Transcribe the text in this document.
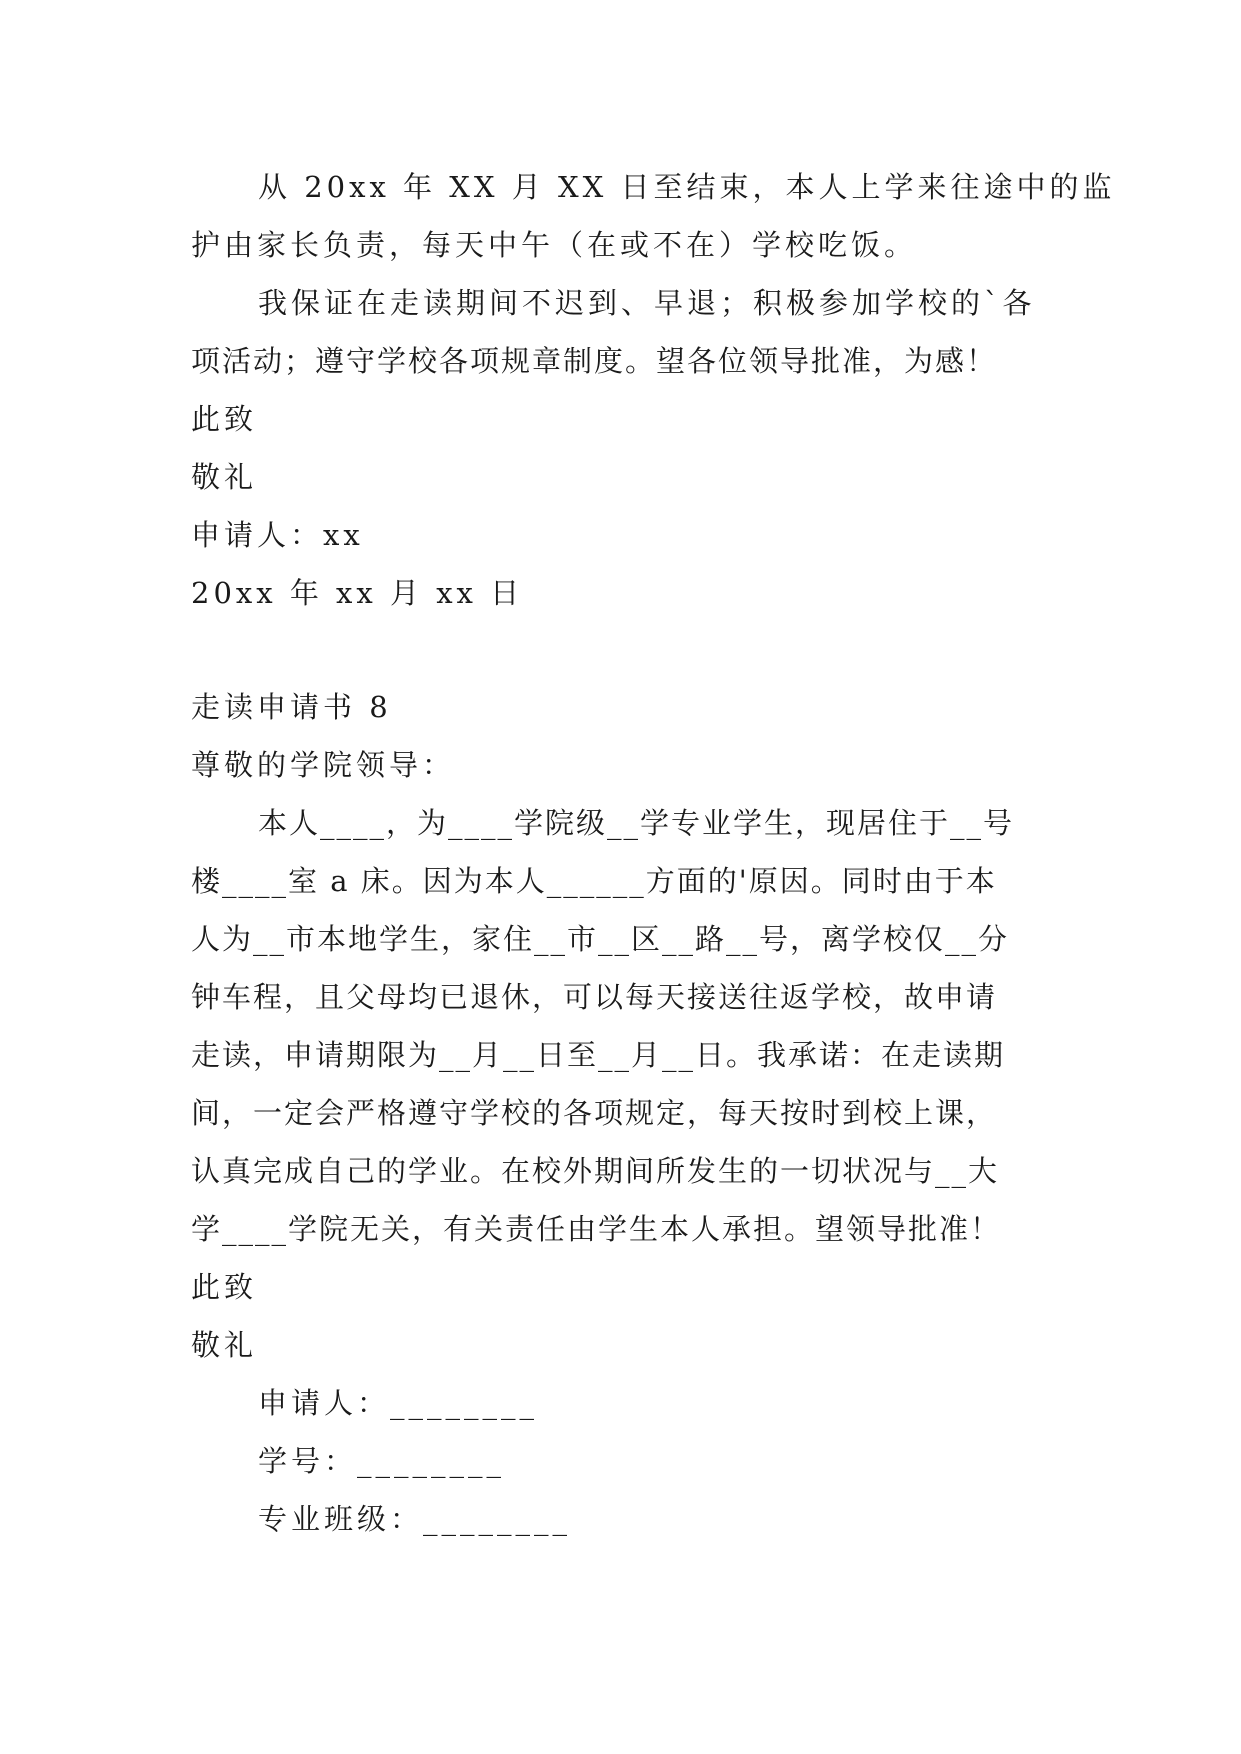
从 20xx 年 XX 月 XX 日至结束，本人上学来往途中的监
护由家长负责，每天中午（在或不在）学校吃饭。
我保证在走读期间不迟到、早退；积极参加学校的`各
项活动；遵守学校各项规章制度。望各位领导批准，为感！
此致
敬礼
申请人：xx
20xx 年 xx 月 xx 日
走读申请书 8
尊敬的学院领导：
本人____，为____学院级__学专业学生，现居住于__号
楼____室 a 床。因为本人______方面的'原因。同时由于本
人为__市本地学生，家住__市__区__路__号，离学校仅__分
钟车程，且父母均已退休，可以每天接送往返学校，故申请
走读，申请期限为__月__日至__月__日。我承诺：在走读期
间，一定会严格遵守学校的各项规定，每天按时到校上课，
认真完成自己的学业。在校外期间所发生的一切状况与__大
学____学院无关，有关责任由学生本人承担。望领导批准！
此致
敬礼
申请人：________
学号：________
专业班级：________
